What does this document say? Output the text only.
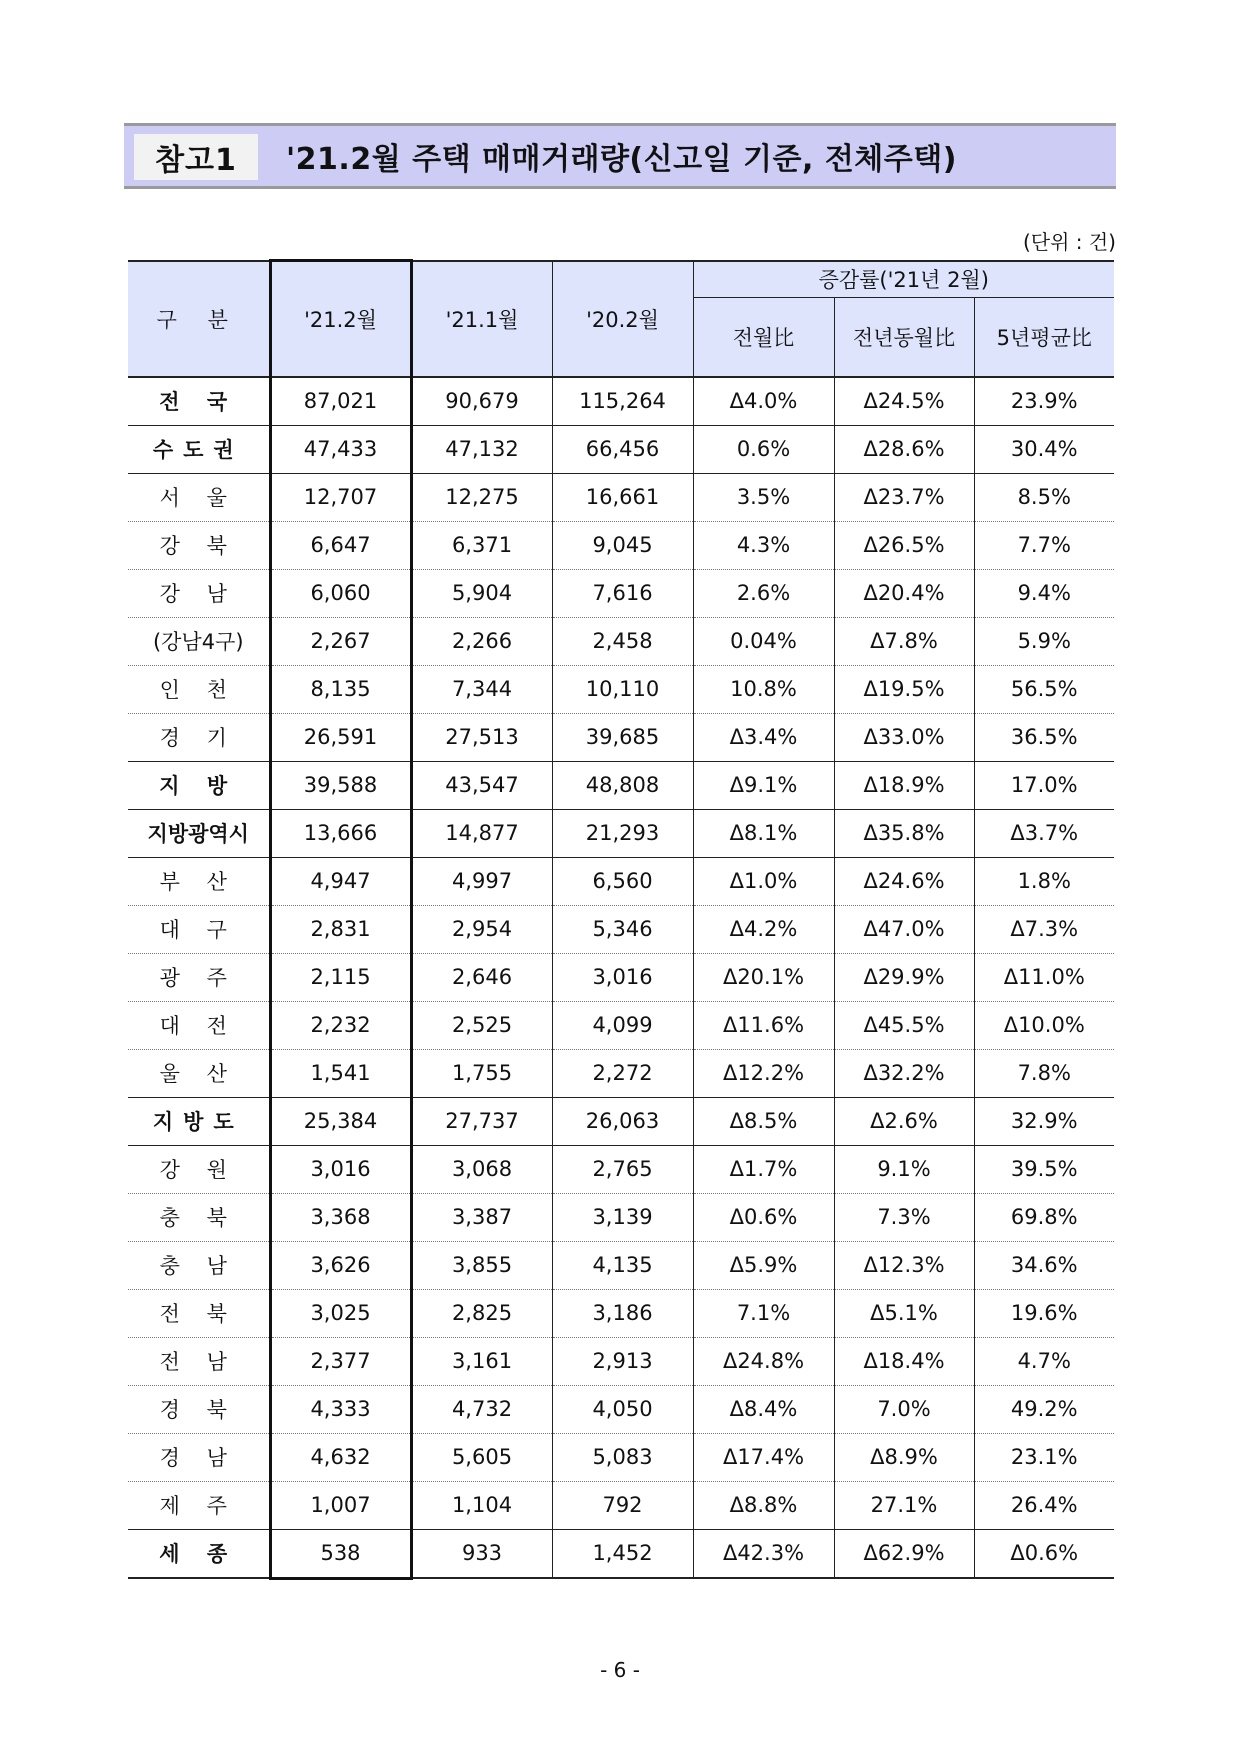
참고1	'21.2월 주택 매매거래량(신고일 기준, 전체주택)
(단위 : 건)
구 분	'21.2월	'21.1월	'20.2월	증감률('21년 2월)		
				전월比	전년동월比	5년평균比
전 국	87,021	90,679	115,264	Δ4.0%	Δ24.5%	23.9%
수도권	47,433	47,132	66,456	0.6%	Δ28.6%	30.4%
서 울	12,707	12,275	16,661	3.5%	Δ23.7%	8.5%
강 북	6,647	6,371	9,045	4.3%	Δ26.5%	7.7%
강 남	6,060	5,904	7,616	2.6%	Δ20.4%	9.4%
(강남4구)	2,267	2,266	2,458	0.04%	Δ7.8%	5.9%
인 천	8,135	7,344	10,110	10.8%	Δ19.5%	56.5%
경 기	26,591	27,513	39,685	Δ3.4%	Δ33.0%	36.5%
지 방	39,588	43,547	48,808	Δ9.1%	Δ18.9%	17.0%
지방광역시	13,666	14,877	21,293	Δ8.1%	Δ35.8%	Δ3.7%
부 산	4,947	4,997	6,560	Δ1.0%	Δ24.6%	1.8%
대 구	2,831	2,954	5,346	Δ4.2%	Δ47.0%	Δ7.3%
광 주	2,115	2,646	3,016	Δ20.1%	Δ29.9%	Δ11.0%
대 전	2,232	2,525	4,099	Δ11.6%	Δ45.5%	Δ10.0%
울 산	1,541	1,755	2,272	Δ12.2%	Δ32.2%	7.8%
지방도	25,384	27,737	26,063	Δ8.5%	Δ2.6%	32.9%
강 원	3,016	3,068	2,765	Δ1.7%	9.1%	39.5%
충 북	3,368	3,387	3,139	Δ0.6%	7.3%	69.8%
충 남	3,626	3,855	4,135	Δ5.9%	Δ12.3%	34.6%
전 북	3,025	2,825	3,186	7.1%	Δ5.1%	19.6%
전 남	2,377	3,161	2,913	Δ24.8%	Δ18.4%	4.7%
경 북	4,333	4,732	4,050	Δ8.4%	7.0%	49.2%
경 남	4,632	5,605	5,083	Δ17.4%	Δ8.9%	23.1%
제 주	1,007	1,104	792	Δ8.8%	27.1%	26.4%
세 종	538	933	1,452	Δ42.3%	Δ62.9%	Δ0.6%
- 6 -
